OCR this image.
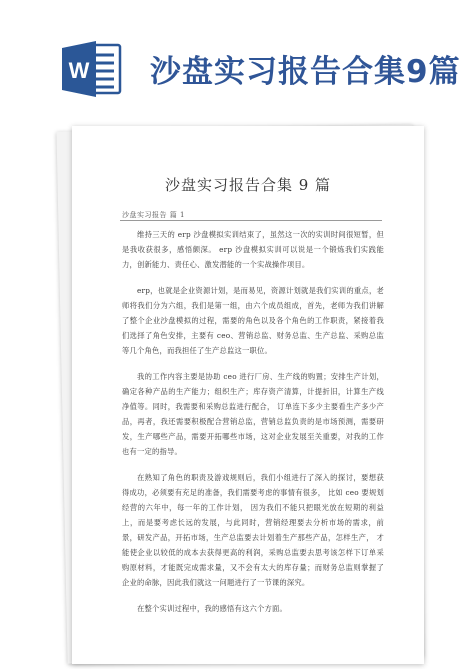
W 沙盘实习报告合集9篇
沙盘实习报告合集 9 篇
沙盘实习报告 篇 1

维持三天的 erp 沙盘模拟实训结束了，虽然这一次的实训时间很短暂，但是我收获很多，感悟颇深。 erp 沙盘模拟实训可以说是一个锻炼我们实践能力，创新能力、责任心、激发潜能的一个实战操作项目。

erp，也就是企业资源计划，是而易见，资源计划就是我们实训的重点，老师将我们分为六组，我们是第一组，由六个成员组成，首先，老师为我们讲解了整个企业沙盘模拟的过程，需要的角色以及各个角色的工作职责，紧接着我们选择了角色安排，主要有 ceo、营销总监、财务总监、生产总监、采购总监等几个角色，而我担任了生产总监这一职位。

我的工作内容主要是协助 ceo 进行厂房、生产线的购置；安排生产计划， 确定各种产品的生产能力；组织生产；库存资产清算，计提折旧，计算生产线净值等。同时，我需要和采购总监进行配合， 订单连下多少主要看生产多少产品，再者，我还需要积极配合营销总监，营销总监负责的是市场预测，需要研发，生产哪些产品，需要开拓哪些市场，这对企业发展至关重要，对我的工作也有一定的指导。

在熟知了角色的职责及游戏规则后，我们小组进行了深入的探讨，要想获得成功，必须要有充足的准备，我们需要考虑的事情有很多， 比如 ceo 要规划经营的六年中，每一年的工作计划， 因为我们不能只把眼光放在短期的利益上，而是要考虑长远的发展，与此同时，营销经理要去分析市场的需求，前景，研发产品，开拓市场，生产总监要去计划着生产那些产品，怎样生产， 才能使企业以较低的成本去获得更高的利润，采购总监要去思考该怎样下订单采购原材料，才能既完成需求量，又不会有太大的库存量；而财务总监则掌握了企业的命脉，因此我们就这一问题进行了一节课的深究。

在整个实训过程中，我的感悟有这六个方面。
